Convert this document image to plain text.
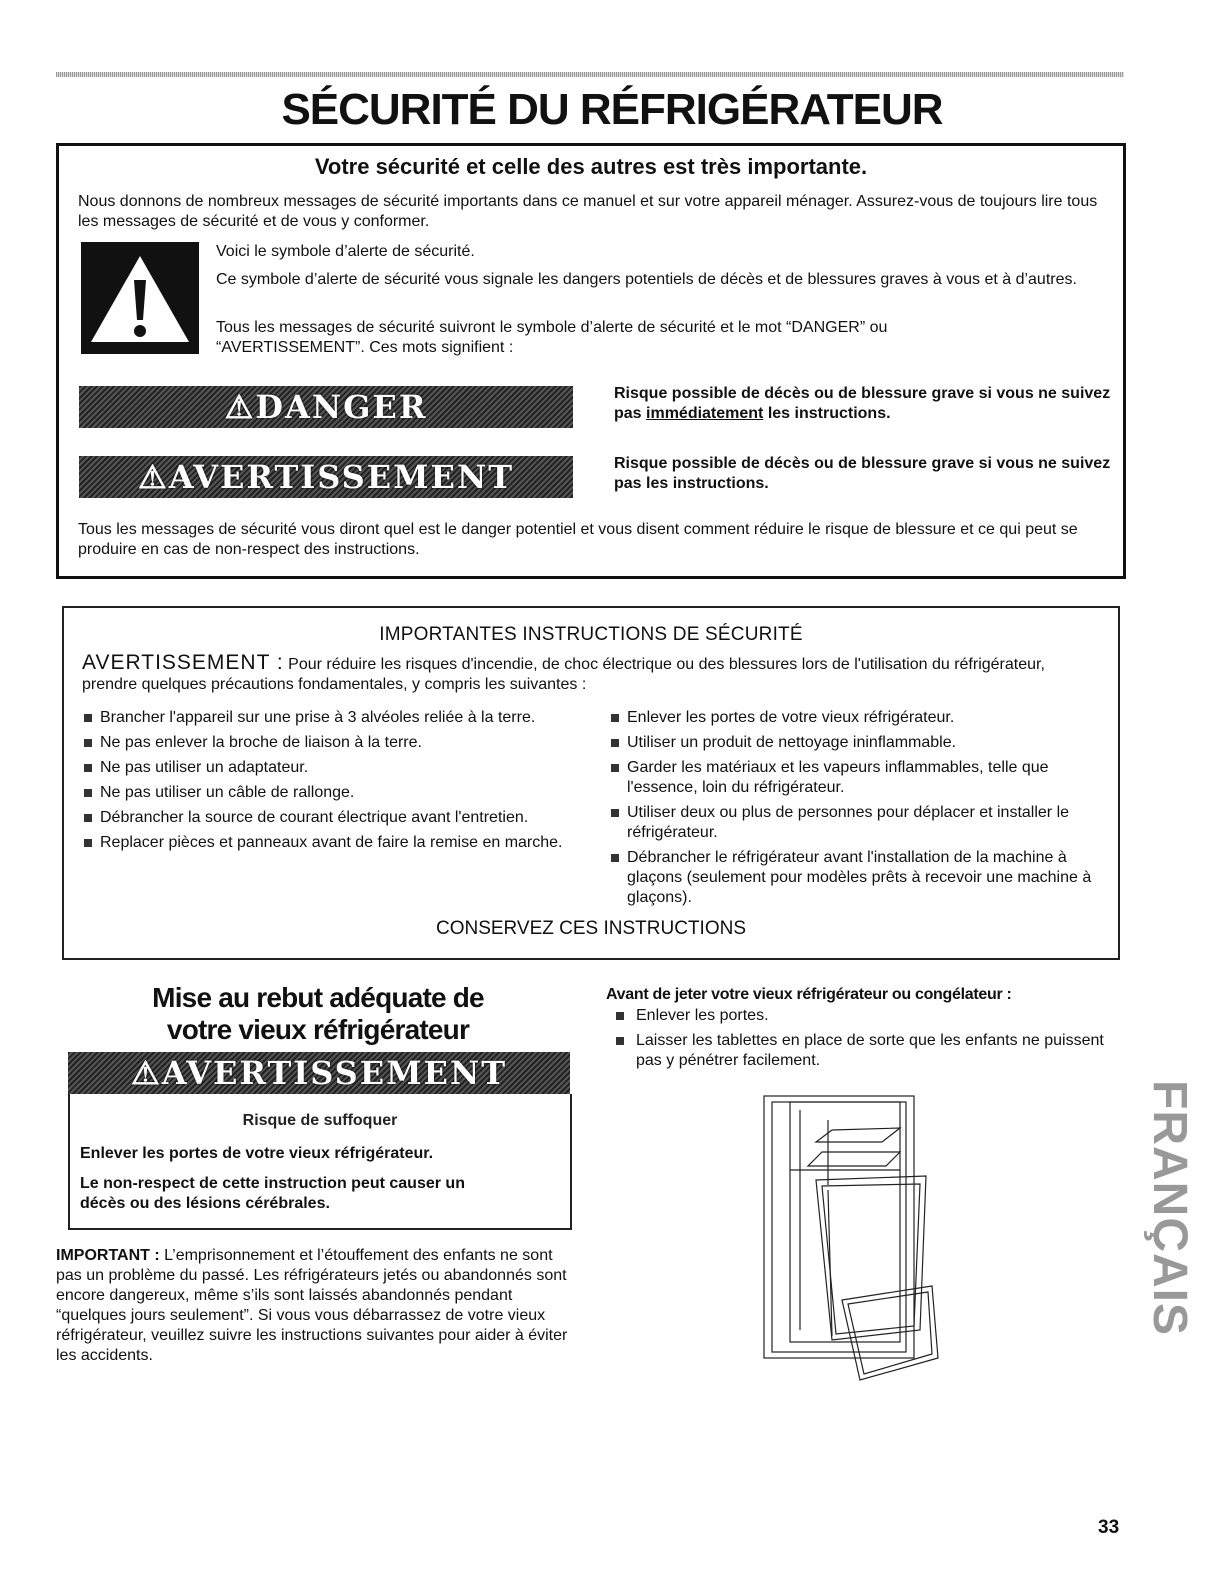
SÉCURITÉ DU RÉFRIGÉRATEUR
Votre sécurité et celle des autres est très importante.
Nous donnons de nombreux messages de sécurité importants dans ce manuel et sur votre appareil ménager. Assurez-vous de toujours lire tous les messages de sécurité et de vous y conformer.
Voici le symbole d’alerte de sécurité.
Ce symbole d’alerte de sécurité vous signale les dangers potentiels de décès et de blessures graves à vous et à d’autres.
Tous les messages de sécurité suivront le symbole d’alerte de sécurité et le mot “DANGER” ou “AVERTISSEMENT”. Ces mots signifient :
⚠DANGER	Risque possible de décès ou de blessure grave si vous ne suivez pas immédiatement les instructions.
⚠AVERTISSEMENT	Risque possible de décès ou de blessure grave si vous ne suivez pas les instructions.
Tous les messages de sécurité vous diront quel est le danger potentiel et vous disent comment réduire le risque de blessure et ce qui peut se produire en cas de non-respect des instructions.
IMPORTANTES INSTRUCTIONS DE SÉCURITÉ
AVERTISSEMENT : Pour réduire les risques d'incendie, de choc électrique ou des blessures lors de l'utilisation du réfrigérateur, prendre quelques précautions fondamentales, y compris les suivantes :
Brancher l'appareil sur une prise à 3 alvéoles reliée à la terre.
Ne pas enlever la broche de liaison à la terre.
Ne pas utiliser un adaptateur.
Ne pas utiliser un câble de rallonge.
Débrancher la source de courant électrique avant l'entretien.
Replacer pièces et panneaux avant de faire la remise en marche.
Enlever les portes de votre vieux réfrigérateur.
Utiliser un produit de nettoyage ininflammable.
Garder les matériaux et les vapeurs inflammables, telle que l'essence, loin du réfrigérateur.
Utiliser deux ou plus de personnes pour déplacer et installer le réfrigérateur.
Débrancher le réfrigérateur avant l'installation de la machine à glaçons (seulement pour modèles prêts à recevoir une machine à glaçons).
CONSERVEZ CES INSTRUCTIONS
Mise au rebut adéquate de
votre vieux réfrigérateur
⚠AVERTISSEMENT
Risque de suffoquer
Enlever les portes de votre vieux réfrigérateur.
Le non-respect de cette instruction peut causer un décès ou des lésions cérébrales.
IMPORTANT : L’emprisonnement et l’étouffement des enfants ne sont pas un problème du passé. Les réfrigérateurs jetés ou abandonnés sont encore dangereux, même s’ils sont laissés abandonnés pendant “quelques jours seulement”. Si vous vous débarrassez de votre vieux réfrigérateur, veuillez suivre les instructions suivantes pour aider à éviter les accidents.
Avant de jeter votre vieux réfrigérateur ou congélateur :
Enlever les portes.
Laisser les tablettes en place de sorte que les enfants ne puissent pas y pénétrer facilement.
FRANÇAIS
33
